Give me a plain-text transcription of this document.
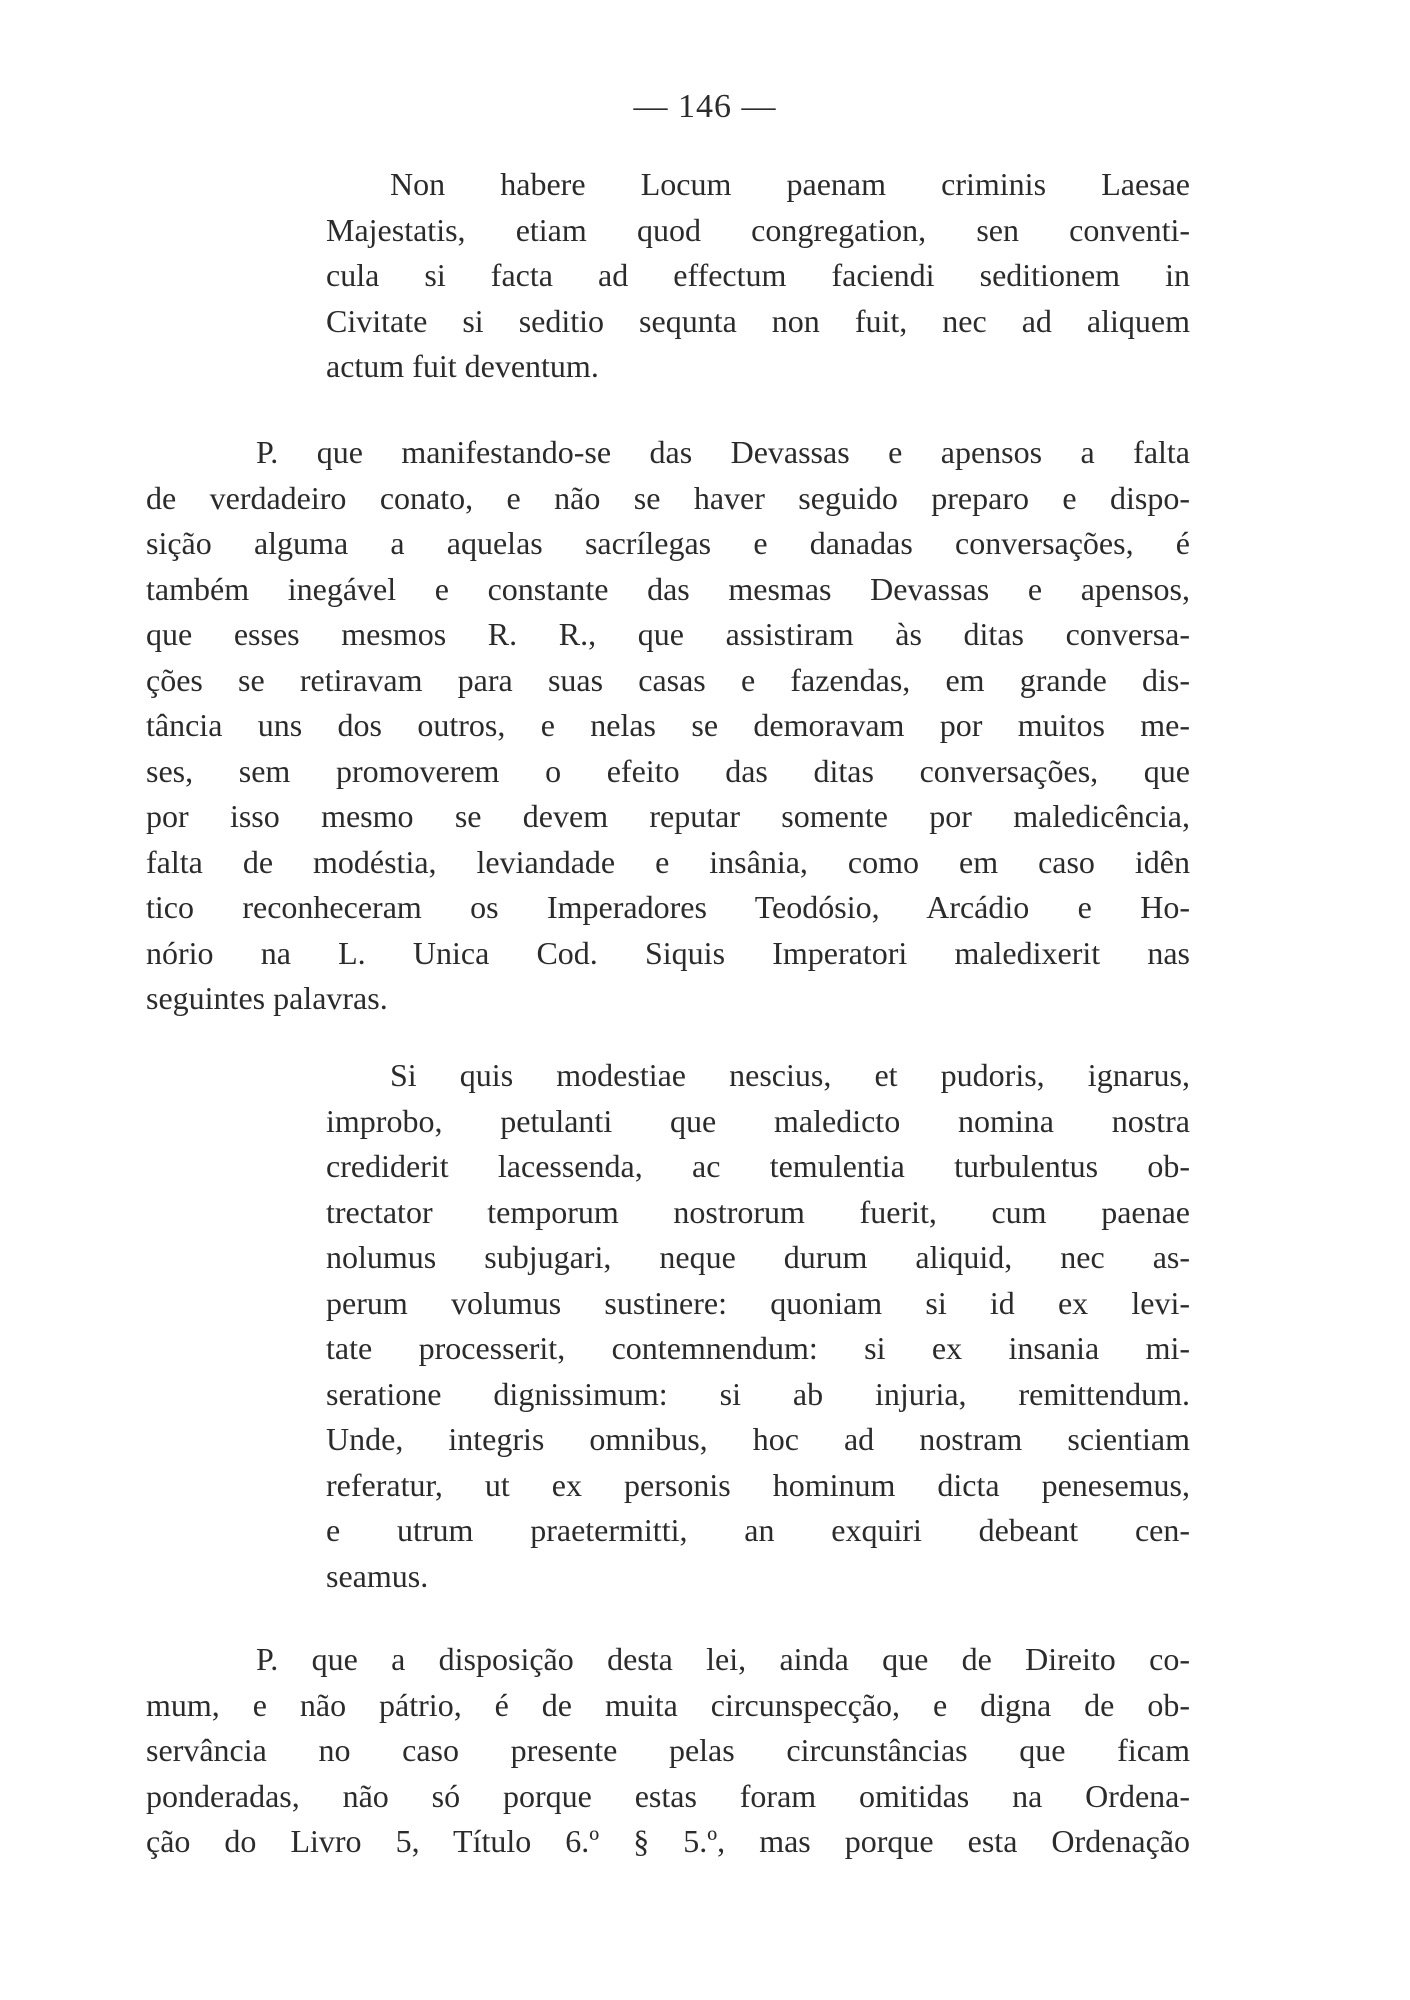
— 146 —
Non habere Locum paenam criminis Laesae
Majestatis, etiam quod congregation, sen conventi-
cula si facta ad effectum faciendi seditionem in
Civitate si seditio sequnta non fuit, nec ad aliquem
actum fuit deventum.
P. que manifestando-se das Devassas e apensos a falta
de verdadeiro conato, e não se haver seguido preparo e dispo-
sição alguma a aquelas sacrílegas e danadas conversações, é
também inegável e constante das mesmas Devassas e apensos,
que esses mesmos R. R., que assistiram às ditas conversa-
ções se retiravam para suas casas e fazendas, em grande dis-
tância uns dos outros, e nelas se demoravam por muitos me-
ses, sem promoverem o efeito das ditas conversações, que
por isso mesmo se devem reputar somente por maledicência,
falta de modéstia, leviandade e insânia, como em caso idên
tico reconheceram os Imperadores Teodósio, Arcádio e Ho-
nório na L. Unica Cod. Siquis Imperatori maledixerit nas
seguintes palavras.
Si quis modestiae nescius, et pudoris, ignarus,
improbo, petulanti que maledicto nomina nostra
crediderit lacessenda, ac temulentia turbulentus ob-
trectator temporum nostrorum fuerit, cum paenae
nolumus subjugari, neque durum aliquid, nec as-
perum volumus sustinere: quoniam si id ex levi-
tate processerit, contemnendum: si ex insania mi-
seratione dignissimum: si ab injuria, remittendum.
Unde, integris omnibus, hoc ad nostram scientiam
referatur, ut ex personis hominum dicta penesemus,
e utrum praetermitti, an exquiri debeant cen-
seamus.
P. que a disposição desta lei, ainda que de Direito co-
mum, e não pátrio, é de muita circunspecção, e digna de ob-
servância no caso presente pelas circunstâncias que ficam
ponderadas, não só porque estas foram omitidas na Ordena-
ção do Livro 5, Título 6.º § 5.º, mas porque esta Ordenação
